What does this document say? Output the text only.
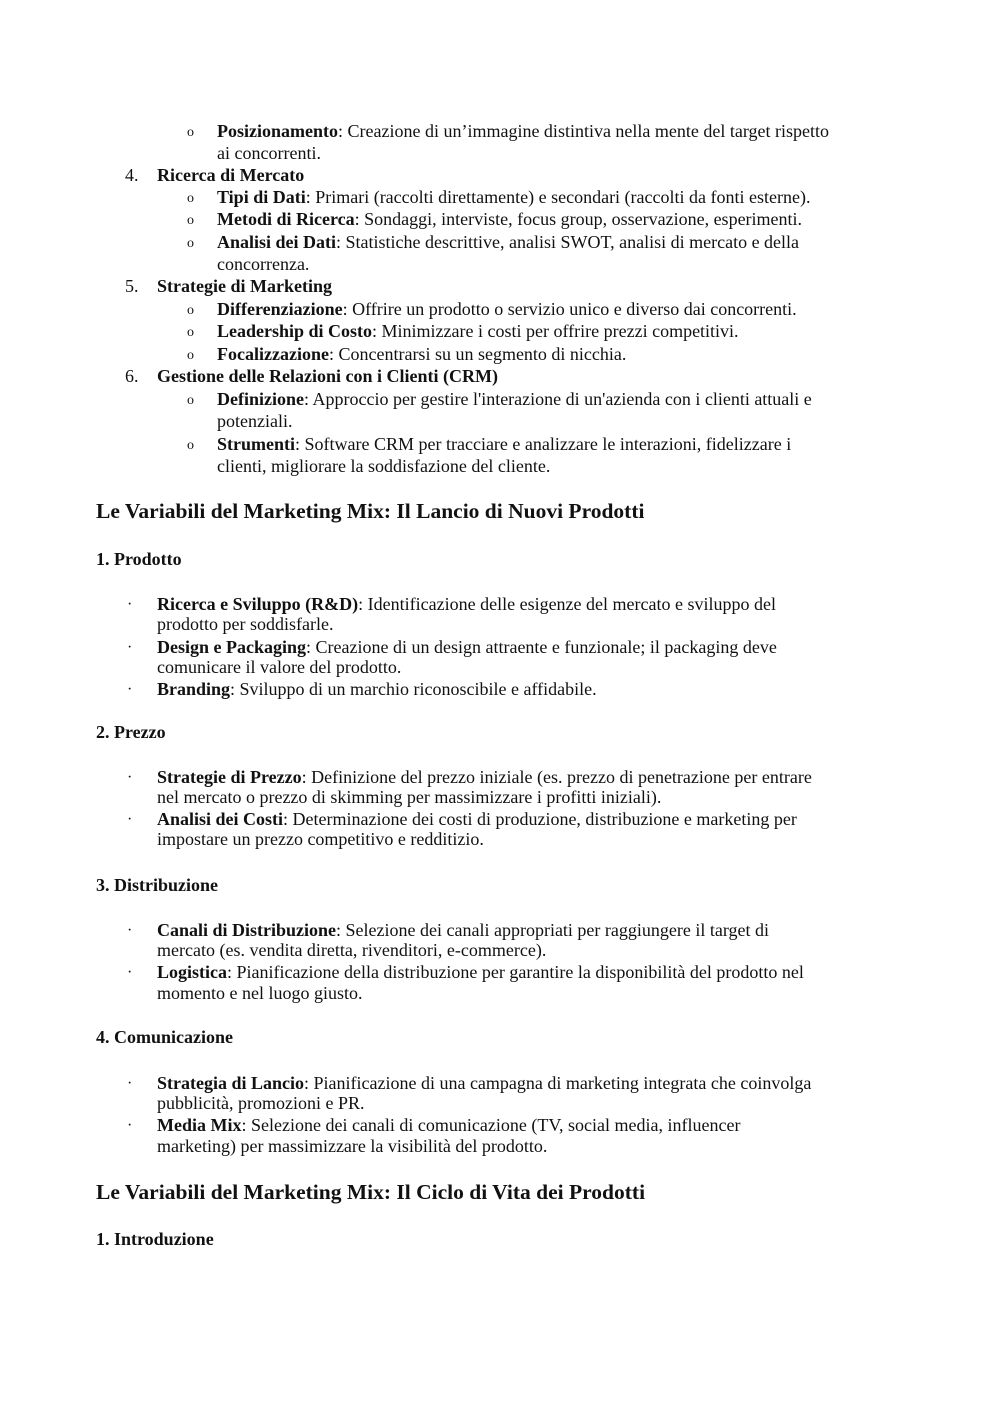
o Posizionamento: Creazione di un’immagine distintiva nella mente del target rispetto
ai concorrenti.
4. Ricerca di Mercato
o Tipi di Dati: Primari (raccolti direttamente) e secondari (raccolti da fonti esterne).
o Metodi di Ricerca: Sondaggi, interviste, focus group, osservazione, esperimenti.
o Analisi dei Dati: Statistiche descrittive, analisi SWOT, analisi di mercato e della
concorrenza.
5. Strategie di Marketing
o Differenziazione: Offrire un prodotto o servizio unico e diverso dai concorrenti.
o Leadership di Costo: Minimizzare i costi per offrire prezzi competitivi.
o Focalizzazione: Concentrarsi su un segmento di nicchia.
6. Gestione delle Relazioni con i Clienti (CRM)
o Definizione: Approccio per gestire l'interazione di un'azienda con i clienti attuali e
potenziali.
o Strumenti: Software CRM per tracciare e analizzare le interazioni, fidelizzare i
clienti, migliorare la soddisfazione del cliente.
Le Variabili del Marketing Mix: Il Lancio di Nuovi Prodotti
1. Prodotto
· Ricerca e Sviluppo (R&D): Identificazione delle esigenze del mercato e sviluppo del
prodotto per soddisfarle.
· Design e Packaging: Creazione di un design attraente e funzionale; il packaging deve
comunicare il valore del prodotto.
· Branding: Sviluppo di un marchio riconoscibile e affidabile.
2. Prezzo
· Strategie di Prezzo: Definizione del prezzo iniziale (es. prezzo di penetrazione per entrare
nel mercato o prezzo di skimming per massimizzare i profitti iniziali).
· Analisi dei Costi: Determinazione dei costi di produzione, distribuzione e marketing per
impostare un prezzo competitivo e redditizio.
3. Distribuzione
· Canali di Distribuzione: Selezione dei canali appropriati per raggiungere il target di
mercato (es. vendita diretta, rivenditori, e-commerce).
· Logistica: Pianificazione della distribuzione per garantire la disponibilità del prodotto nel
momento e nel luogo giusto.
4. Comunicazione
· Strategia di Lancio: Pianificazione di una campagna di marketing integrata che coinvolga
pubblicità, promozioni e PR.
· Media Mix: Selezione dei canali di comunicazione (TV, social media, influencer
marketing) per massimizzare la visibilità del prodotto.
Le Variabili del Marketing Mix: Il Ciclo di Vita dei Prodotti
1. Introduzione
